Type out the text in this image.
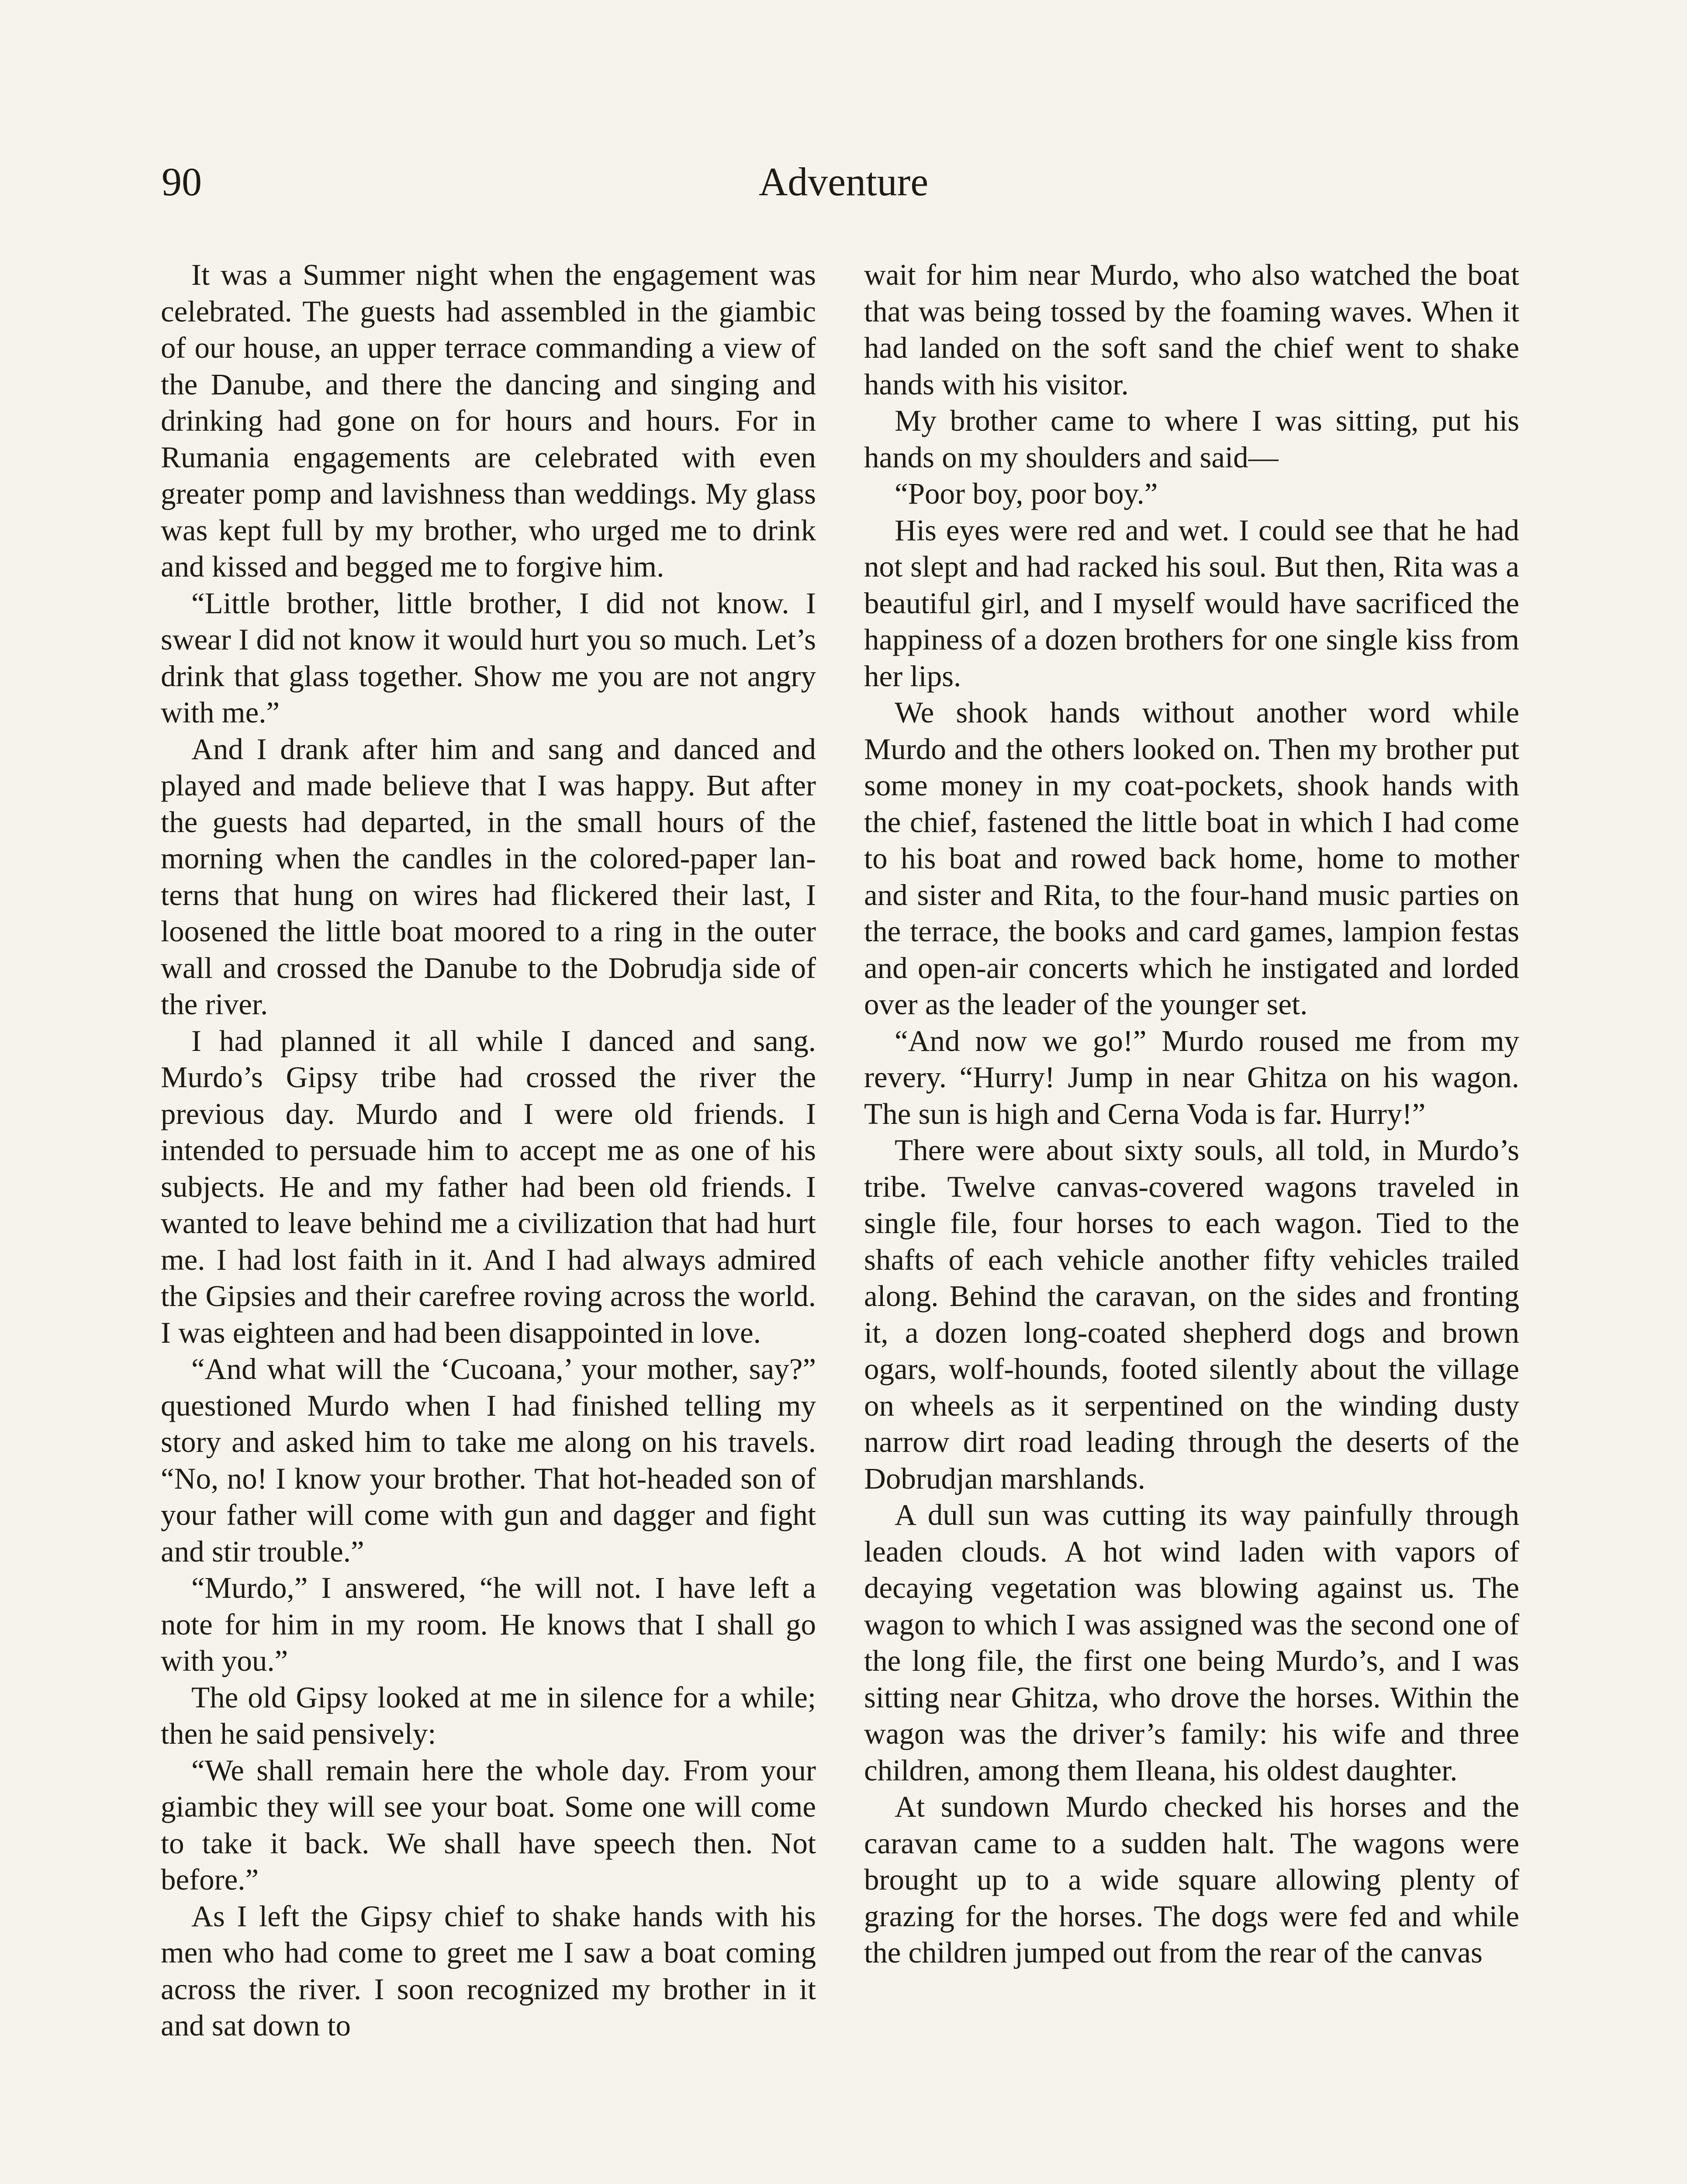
90	Adventure

It was a Summer night when the engagement was celebrated. The guests had assembled in the giambic of our house, an upper terrace commanding a view of the Danube, and there the dancing and singing and drinking had gone on for hours and hours. For in Rumania engagements are celebrated with even greater pomp and lavishness than weddings. My glass was kept full by my brother, who urged me to drink and kissed and begged me to forgive him.

“Little brother, little brother, I did not know. I swear I did not know it would hurt you so much. Let’s drink that glass together. Show me you are not angry with me.”

And I drank after him and sang and danced and played and made believe that I was happy. But after the guests had departed, in the small hours of the morning when the candles in the colored-paper lanterns that hung on wires had flickered their last, I loosened the little boat moored to a ring in the outer wall and crossed the Danube to the Dobrudja side of the river.

I had planned it all while I danced and sang. Murdo’s Gipsy tribe had crossed the river the previous day. Murdo and I were old friends. I intended to persuade him to accept me as one of his subjects. He and my father had been old friends. I wanted to leave behind me a civilization that had hurt me. I had lost faith in it. And I had always admired the Gipsies and their carefree roving across the world. I was eighteen and had been disappointed in love.

“And what will the ‘Cucoana,’ your mother, say?” questioned Murdo when I had finished telling my story and asked him to take me along on his travels. “No, no! I know your brother. That hot-headed son of your father will come with gun and dagger and fight and stir trouble.”

“Murdo,” I answered, “he will not. I have left a note for him in my room. He knows that I shall go with you.”

The old Gipsy looked at me in silence for a while; then he said pensively:

“We shall remain here the whole day. From your giambic they will see your boat. Some one will come to take it back. We shall have speech then. Not before.”

As I left the Gipsy chief to shake hands with his men who had come to greet me I saw a boat coming across the river. I soon recognized my brother in it and sat down to

wait for him near Murdo, who also watched the boat that was being tossed by the foaming waves. When it had landed on the soft sand the chief went to shake hands with his visitor.

My brother came to where I was sitting, put his hands on my shoulders and said—

“Poor boy, poor boy.”

His eyes were red and wet. I could see that he had not slept and had racked his soul. But then, Rita was a beautiful girl, and I myself would have sacrificed the happiness of a dozen brothers for one single kiss from her lips.

We shook hands without another word while Murdo and the others looked on. Then my brother put some money in my coat-pockets, shook hands with the chief, fastened the little boat in which I had come to his boat and rowed back home, home to mother and sister and Rita, to the four-hand music parties on the terrace, the books and card games, lampion festas and open-air concerts which he instigated and lorded over as the leader of the younger set.

“And now we go!” Murdo roused me from my revery. “Hurry! Jump in near Ghitza on his wagon. The sun is high and Cerna Voda is far. Hurry!”

There were about sixty souls, all told, in Murdo’s tribe. Twelve canvas-covered wagons traveled in single file, four horses to each wagon. Tied to the shafts of each vehicle another fifty vehicles trailed along. Behind the caravan, on the sides and fronting it, a dozen long-coated shepherd dogs and brown ogars, wolf-hounds, footed silently about the village on wheels as it serpentined on the winding dusty narrow dirt road leading through the deserts of the Dobrudjan marshlands.

A dull sun was cutting its way painfully through leaden clouds. A hot wind laden with vapors of decaying vegetation was blowing against us. The wagon to which I was assigned was the second one of the long file, the first one being Murdo’s, and I was sitting near Ghitza, who drove the horses. Within the wagon was the driver’s family: his wife and three children, among them Ileana, his oldest daughter.

At sundown Murdo checked his horses and the caravan came to a sudden halt. The wagons were brought up to a wide square allowing plenty of grazing for the horses. The dogs were fed and while the children jumped out from the rear of the canvas
